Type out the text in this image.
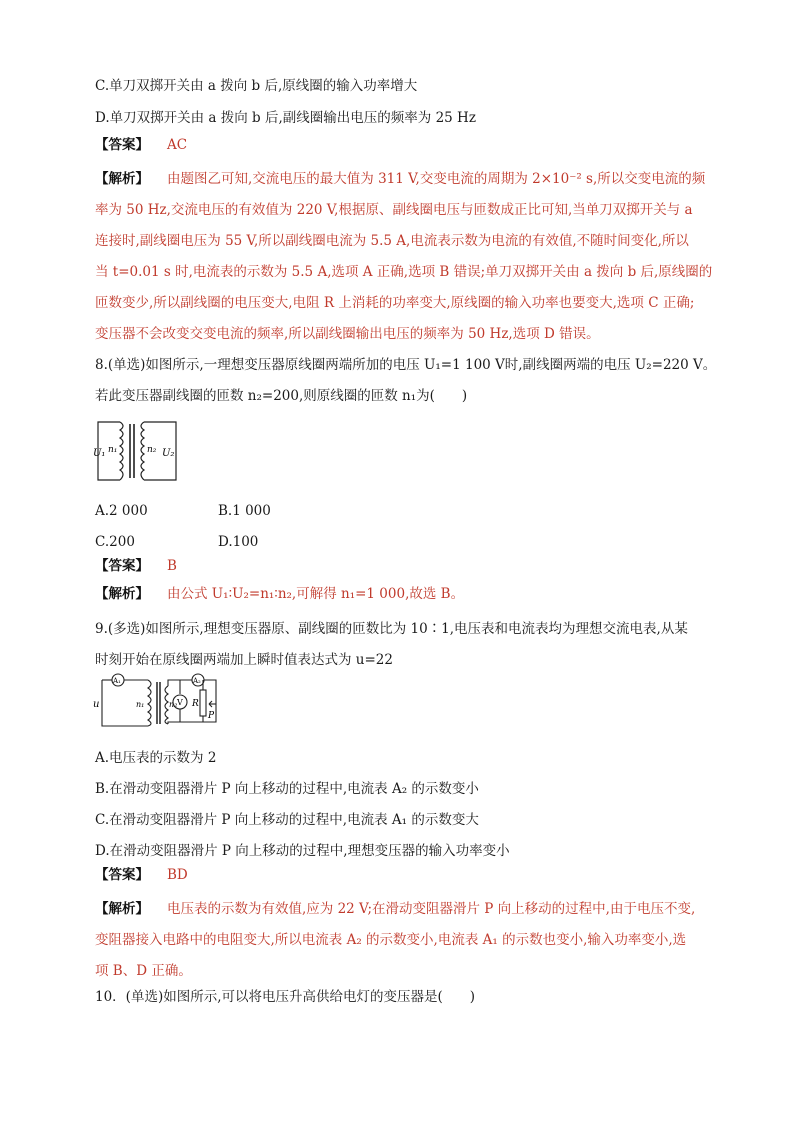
C.单刀双掷开关由 a 拨向 b 后,原线圈的输入功率增大
D.单刀双掷开关由 a 拨向 b 后,副线圈输出电压的频率为 25 Hz
【答案】 AC
【解析】 由题图乙可知,交流电压的最大值为 311 V,交变电流的周期为 2×10⁻² s,所以交变电流的频
率为 50 Hz,交流电压的有效值为 220 V,根据原、副线圈电压与匝数成正比可知,当单刀双掷开关与 a
连接时,副线圈电压为 55 V,所以副线圈电流为 5.5 A,电流表示数为电流的有效值,不随时间变化,所以
当 t=0.01 s 时,电流表的示数为 5.5 A,选项 A 正确,选项 B 错误;单刀双掷开关由 a 拨向 b 后,原线圈的
匝数变少,所以副线圈的电压变大,电阻 R 上消耗的功率变大,原线圈的输入功率也要变大,选项 C 正确;
变压器不会改变交变电流的频率,所以副线圈输出电压的频率为 50 Hz,选项 D 错误。
8.(单选)如图所示,一理想变压器原线圈两端所加的电压 U₁=1 100 V时,副线圈两端的电压 U₂=220 V。
若此变压器副线圈的匝数 n₂=200,则原线圈的匝数 n₁为(　　)
U₁ n₁	n₂ U₂
A.2 000	B.1 000
C.200	D.100
【答案】 B
【解析】 由公式 U₁∶U₂=n₁∶n₂,可解得 n₁=1 000,故选 B。
9.(多选)如图所示,理想变压器原、副线圈的匝数比为 10∶1,电压表和电流表均为理想交流电表,从某
时刻开始在原线圈两端加上瞬时值表达式为 u=22
u
A₁	A₂
n₁	n₂ V R
P
A.电压表的示数为 2
B.在滑动变阻器滑片 P 向上移动的过程中,电流表 A₂ 的示数变小
C.在滑动变阻器滑片 P 向上移动的过程中,电流表 A₁ 的示数变大
D.在滑动变阻器滑片 P 向上移动的过程中,理想变压器的输入功率变小
【答案】 BD
【解析】 电压表的示数为有效值,应为 22 V;在滑动变阻器滑片 P 向上移动的过程中,由于电压不变,
变阻器接入电路中的电阻变大,所以电流表 A₂ 的示数变小,电流表 A₁ 的示数也变小,输入功率变小,选
项 B、D 正确。
10．(单选)如图所示,可以将电压升高供给电灯的变压器是(　　)
